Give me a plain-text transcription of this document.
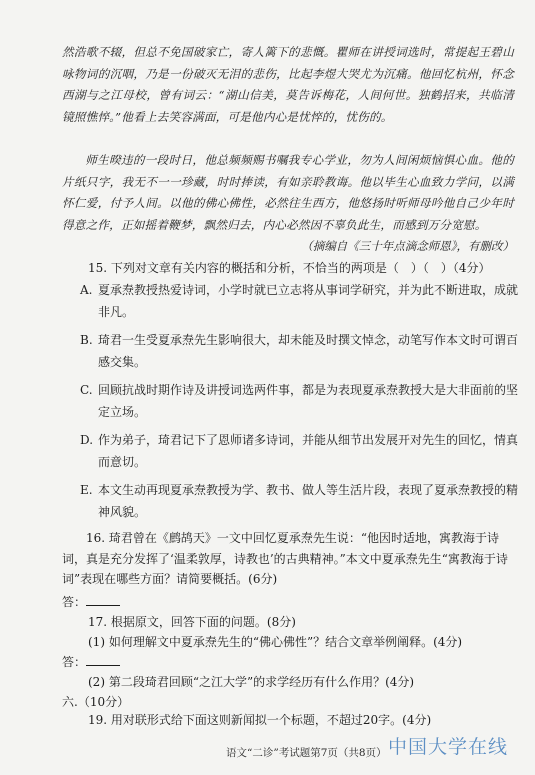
然浩歌不辍，但总不免国破家亡，寄人篱下的悲慨。瞿师在讲授词选时，常提起王碧山咏物词的沉咽，乃是一份破灭无泪的悲伤，比起李煜大哭尤为沉痛。他回忆杭州，怀念西湖与之江母校，曾有词云：“湖山信美，莫告诉梅花，人间何世。独鹤招来，共临清镜照憔悴。”他看上去笑容满面，可是他内心是忧悴的，忧伤的。
师生暌违的一段时日，他总频频赐书嘱我专心学业，勿为人间闲烦恼惧心血。他的片纸只字，我无不一一珍藏，时时捧读，有如亲聆教诲。他以毕生心血致力学问，以满怀仁爱，付予人间。以他的佛心佛性，必然往生西方，他悠扬时听师母吟他自己少年时得意之作，正如摇着鞭梦，飘然归去，内心必然因不辜负此生，而感到万分宽慰。
（摘编自《三十年点滴念师恩》，有删改）
15. 下列对文章有关内容的概括和分析，不恰当的两项是（　）（　）（4分）
A. 夏承焘教授热爱诗词，小学时就已立志将从事词学研究，并为此不断进取，成就非凡。
B. 琦君一生受夏承焘先生影响很大，却未能及时撰文悼念，动笔写作本文时可谓百感交集。
C. 回顾抗战时期作诗及讲授词选两件事，都是为表现夏承焘教授大是大非面前的坚定立场。
D. 作为弟子，琦君记下了恩师诸多诗词，并能从细节出发展开对先生的回忆，情真而意切。
E. 本文生动再现夏承焘教授为学、教书、做人等生活片段，表现了夏承焘教授的精神风貌。
16. 琦君曾在《鹧鸪天》一文中回忆夏承焘先生说：“他因时适地，寓教海于诗词，真是充分发挥了‘温柔敦厚，诗教也’的古典精神。”本文中夏承焘先生“寓教海于诗词”表现在哪些方面？请简要概括。(6分)
答：
17. 根据原文，回答下面的问题。(8分)
(1) 如何理解文中夏承焘先生的“佛心佛性”？结合文章举例阐释。(4分)
答：
(2) 第二段琦君回顾“之江大学”的求学经历有什么作用？(4分)
六.（10分）
19. 用对联形式给下面这则新闻拟一个标题，不超过20字。(4分)
语文“二诊”考试题第7页（共8页） 中国大学在线
